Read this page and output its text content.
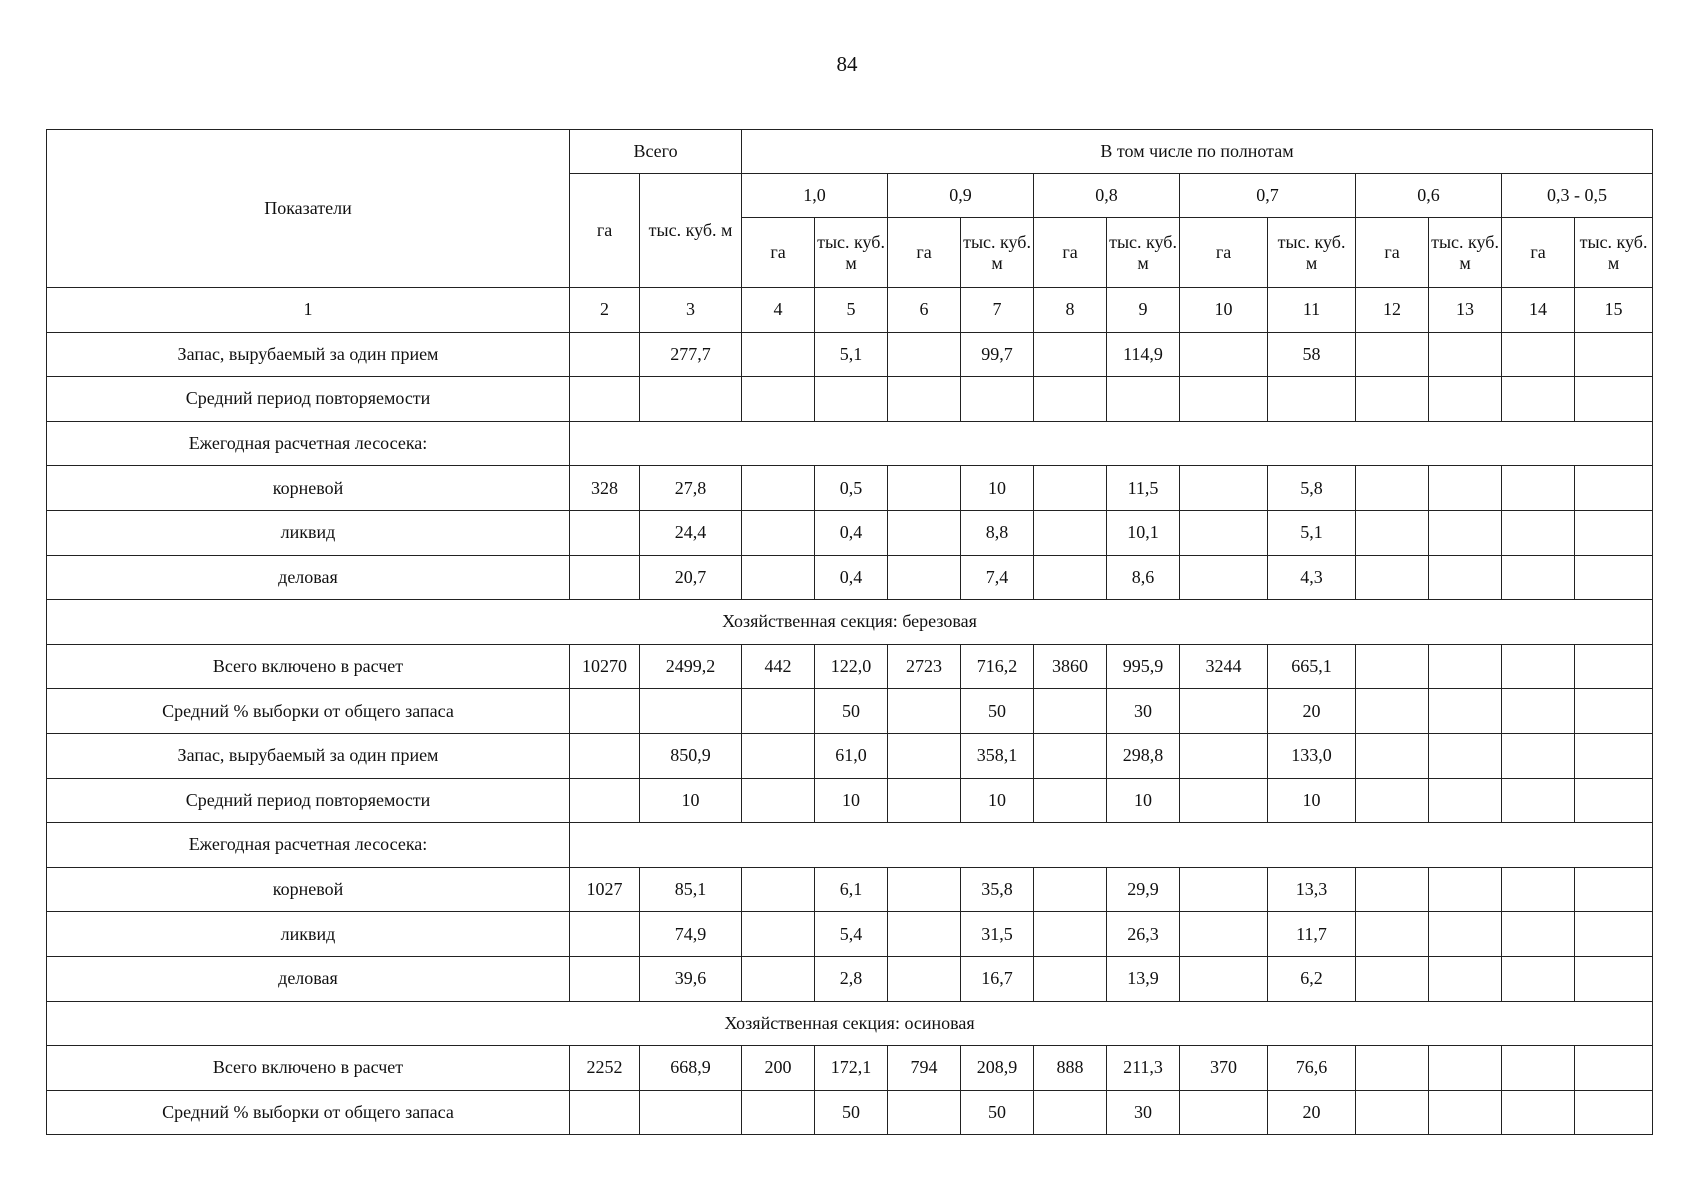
84
Показатели	Всего		В том числе по полнотам											
	га	тыс. куб. м	1,0		0,9		0,8		0,7		0,6		0,3 - 0,5	
			га	тыс. куб. м	га	тыс. куб. м	га	тыс. куб. м	га	тыс. куб. м	га	тыс. куб. м	га	тыс. куб. м
1	2	3	4	5	6	7	8	9	10	11	12	13	14	15
Запас, вырубаемый за один прием		277,7		5,1		99,7		114,9		58				
Средний период повторяемости														
Ежегодная расчетная лесосека:														
корневой	328	27,8		0,5		10		11,5		5,8				
ликвид		24,4		0,4		8,8		10,1		5,1				
деловая		20,7		0,4		7,4		8,6		4,3				
Хозяйственная секция: березовая														
Всего включено в расчет	10270	2499,2	442	122,0	2723	716,2	3860	995,9	3244	665,1				
Средний % выборки от общего запаса				50		50		30		20				
Запас, вырубаемый за один прием		850,9		61,0		358,1		298,8		133,0				
Средний период повторяемости		10		10		10		10		10				
Ежегодная расчетная лесосека:														
корневой	1027	85,1		6,1		35,8		29,9		13,3				
ликвид		74,9		5,4		31,5		26,3		11,7				
деловая		39,6		2,8		16,7		13,9		6,2				
Хозяйственная секция: осиновая														
Всего включено в расчет	2252	668,9	200	172,1	794	208,9	888	211,3	370	76,6				
Средний % выборки от общего запаса				50		50		30		20				
